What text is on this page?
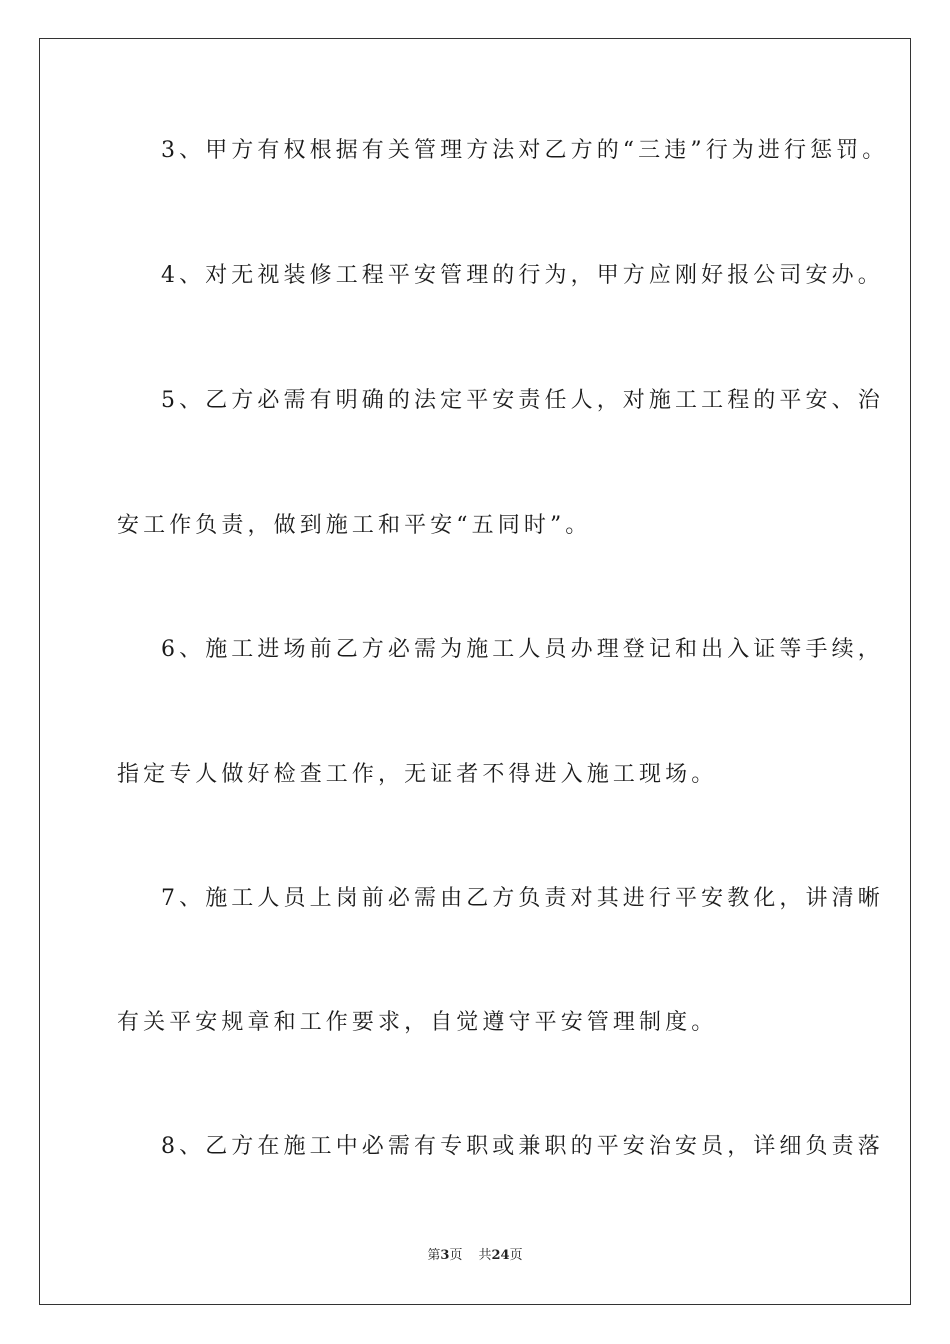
3、甲方有权根据有关管理方法对乙方的“三违”行为进行惩罚。
4、对无视装修工程平安管理的行为，甲方应刚好报公司安办。
5、乙方必需有明确的法定平安责任人，对施工工程的平安、治
安工作负责，做到施工和平安“五同时”。
6、施工进场前乙方必需为施工人员办理登记和出入证等手续，
指定专人做好检查工作，无证者不得进入施工现场。
7、施工人员上岗前必需由乙方负责对其进行平安教化，讲清晰
有关平安规章和工作要求，自觉遵守平安管理制度。
8、乙方在施工中必需有专职或兼职的平安治安员，详细负责落
第3页 共24页
